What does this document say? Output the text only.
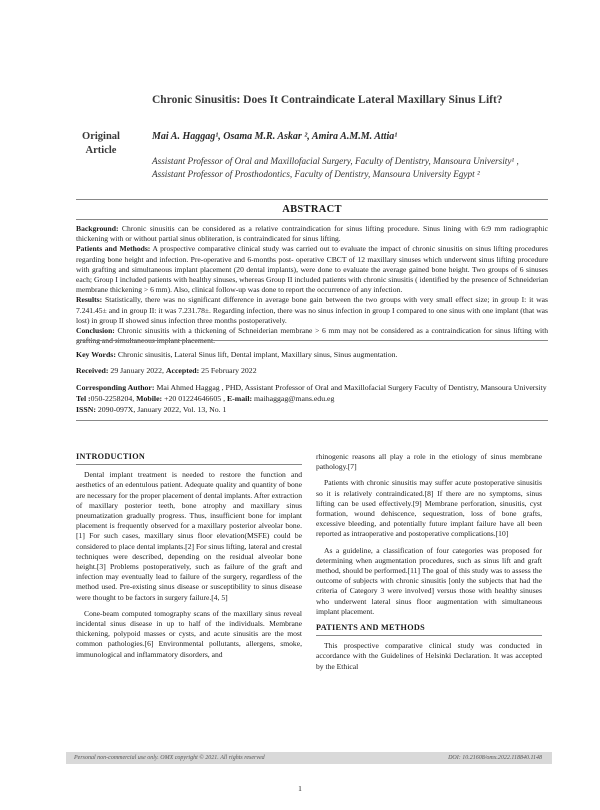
Chronic Sinusitis: Does It Contraindicate Lateral Maxillary Sinus Lift?
Original Article
Mai A. Haggag¹, Osama M.R. Askar ², Amira A.M.M. Attia¹
Assistant Professor of Oral and Maxillofacial Surgery, Faculty of Dentistry, Mansoura University¹ , Assistant Professor of Prosthodontics, Faculty of Dentistry, Mansoura University Egypt ²
ABSTRACT

Background: Chronic sinusitis can be considered as a relative contraindication for sinus lifting procedure. Sinus lining with 6:9 mm radiographic thickening with or without partial sinus obliteration, is contraindicated for sinus lifting.

Patients and Methods: A prospective comparative clinical study was carried out to evaluate the impact of chronic sinusitis on sinus lifting procedures regarding bone height and infection. Pre-operative and 6-months post- operative CBCT of 12 maxillary sinuses which underwent sinus lifting procedure with grafting and simultaneous implant placement (20 dental implants), were done to evaluate the average gained bone height. Two groups of 6 sinuses each; Group I included patients with healthy sinuses, whereas Group II included patients with chronic sinusitis ( identified by the presence of Schneiderian membrane thickening > 6 mm). Also, clinical follow-up was done to report the occurrence of any infection.

Results: Statistically, there was no significant difference in average bone gain between the two groups with very small effect size; in group I: it was 7.241.45± and in group II: it was 7.231.78±. Regarding infection, there was no sinus infection in group I compared to one sinus with one implant (that was lost) in group II showed sinus infection three months postoperatively.

Conclusion: Chronic sinusitis with a thickening of Schneiderian membrane > 6 mm may not be considered as a contraindication for sinus lifting with grafting and simultaneous implant placement.

Key Words: Chronic sinusitis, Lateral Sinus lift, Dental implant, Maxillary sinus, Sinus augmentation.
Received: 29 January 2022, Accepted: 25 February 2022
Corresponding Author: Mai Ahmed Haggag , PHD, Assistant Professor of Oral and Maxillofacial Surgery Faculty of Dentistry, Mansoura University Tel :050-2258204, Mobile: +20 01224646605 , E-mail: maihaggag@mans.edu.eg
ISSN: 2090-097X, January 2022, Vol. 13, No. 1
INTRODUCTION

Dental implant treatment is needed to restore the function and aesthetics of an edentulous patient. Adequate quality and quantity of bone are necessary for the proper placement of dental implants. After extraction of maxillary posterior teeth, bone atrophy and maxillary sinus pneumatization gradually progress. Thus, insufficient bone for implant placement is frequently observed for a maxillary posterior alveolar bone.[1] For such cases, maxillary sinus floor elevation(MSFE) could be considered to place dental implants.[2] For sinus lifting, lateral and crestal techniques were described, depending on the residual alveolar bone height.[3] Problems postoperatively, such as failure of the graft and infection may eventually lead to failure of the surgery, regardless of the method used. Pre-existing sinus disease or susceptibility to sinus disease were thought to be factors in surgery failure.[4, 5]

Cone-beam computed tomography scans of the maxillary sinus reveal incidental sinus disease in up to half of the individuals. Membrane thickening, polypoid masses or cysts, and acute sinusitis are the most common pathologies.[6] Environmental pollutants, allergens, smoke, immunological and inflammatory disorders, and

rhinogenic reasons all play a role in the etiology of sinus membrane pathology.[7]

Patients with chronic sinusitis may suffer acute postoperative sinusitis so it is relatively contraindicated.[8] If there are no symptoms, sinus lifting can be used effectively.[9] Membrane perforation, sinusitis, cyst formation, wound dehiscence, sequestration, loss of bone grafts, excessive bleeding, and potentially future implant failure have all been reported as intraoperative and postoperative complications.[10]

As a guideline, a classification of four categories was proposed for determining when augmentation procedures, such as sinus lift and graft method, should be performed.[11] The goal of this study was to assess the outcome of subjects with chronic sinusitis [only the subjects that had the criteria of Category 3 were involved] versus those with healthy sinuses who underwent lateral sinus floor augmentation with simultaneous implant placement.

PATIENTS AND METHODS

This prospective comparative clinical study was conducted in accordance with the Guidelines of Helsinki Declaration. It was accepted by the Ethical

Personal non-commercial use only. OMX copyright © 2021. All rights reserved	DOI: 10.21608/omx.2022.118840.1148
1
